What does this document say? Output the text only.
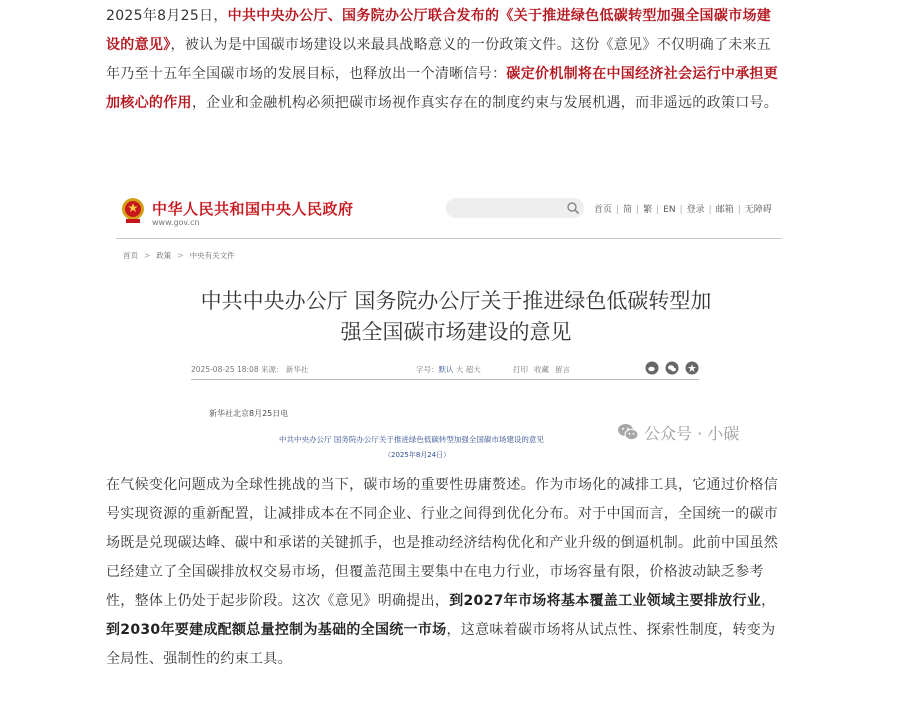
2025年8月25日，中共中央办公厅、国务院办公厅联合发布的《关于推进绿色低碳转型加强全国碳市场建设的意见》，被认为是中国碳市场建设以来最具战略意义的一份政策文件。这份《意见》不仅明确了未来五年乃至十五年全国碳市场的发展目标，也释放出一个清晰信号：碳定价机制将在中国经济社会运行中承担更加核心的作用，企业和金融机构必须把碳市场视作真实存在的制度约束与发展机遇，而非遥远的政策口号。

中华人民共和国中央人民政府
www.gov.cn
首页 | 简 | 繁 | EN | 登录 | 邮箱 | 无障碍
首页 > 政策 > 中央有关文件
中共中央办公厅 国务院办公厅关于推进绿色低碳转型加
强全国碳市场建设的意见
2025-08-25 18:08 来源： 新华社	字号：默认 大 超大	打印 收藏 留言
新华社北京8月25日电
中共中央办公厅 国务院办公厅关于推进绿色低碳转型加强全国碳市场建设的意见
（2025年8月24日）
公众号 · 小碳

在气候变化问题成为全球性挑战的当下，碳市场的重要性毋庸赘述。作为市场化的减排工具，它通过价格信号实现资源的重新配置，让减排成本在不同企业、行业之间得到优化分布。对于中国而言，全国统一的碳市场既是兑现碳达峰、碳中和承诺的关键抓手，也是推动经济结构优化和产业升级的倒逼机制。此前中国虽然已经建立了全国碳排放权交易市场，但覆盖范围主要集中在电力行业，市场容量有限，价格波动缺乏参考性，整体上仍处于起步阶段。这次《意见》明确提出，到2027年市场将基本覆盖工业领域主要排放行业，到2030年要建成配额总量控制为基础的全国统一市场，这意味着碳市场将从试点性、探索性制度，转变为全局性、强制性的约束工具。
